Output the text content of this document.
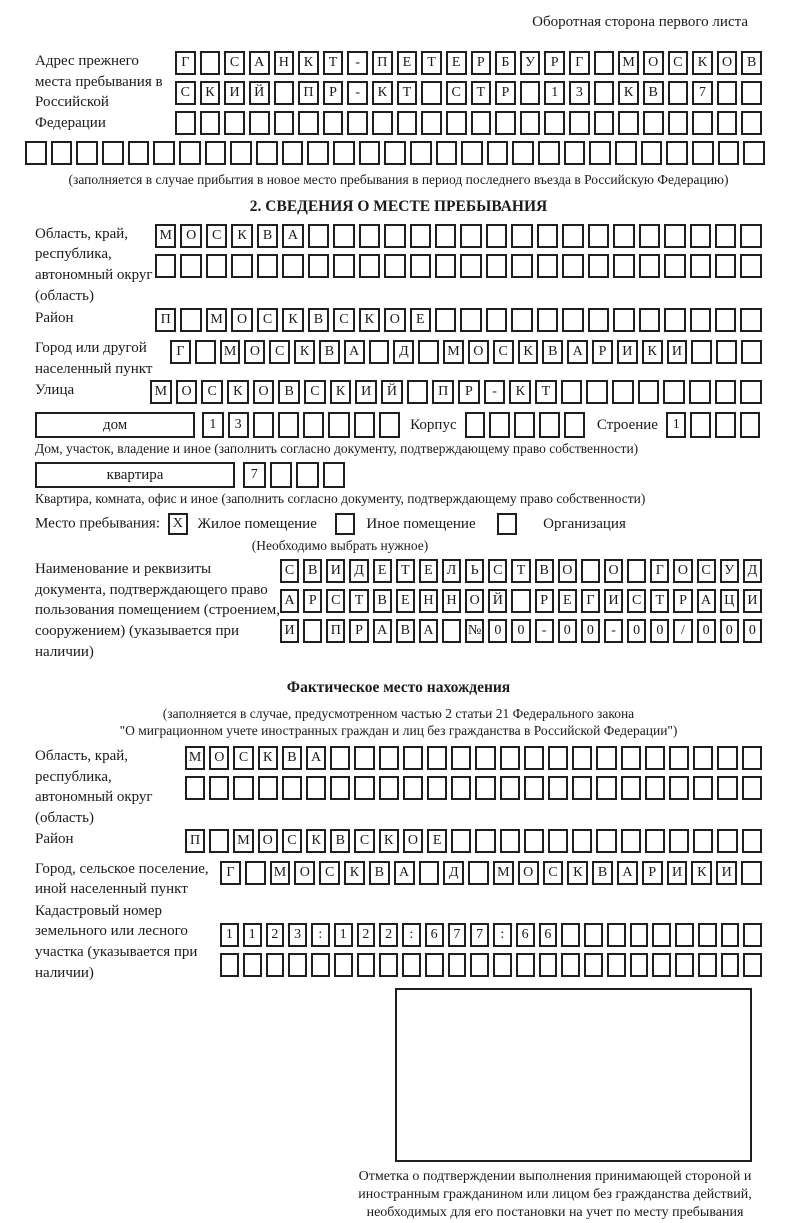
Оборотная сторона первого листа
Адрес прежнего места пребывания в Российской Федерации
Г	С	А	Н	К	Т	-	П	Е	Т	Е	Р	Б	У	Р	Г	М О	С	К	О	В
С	К	И	Й	П	Р	-	К	Т	С	Т	Р	1	3	К	В	7
(заполняется в случае прибытия в новое место пребывания в период последнего въезда в Российскую Федерацию)
2. СВЕДЕНИЯ О МЕСТЕ ПРЕБЫВАНИЯ
Область, край, республика, автономный округ (область)
М	О	С	К	В	А
Район	П	М	О	С	К	В	С	К	О	Е
Город или другой населенный пункт
Г	М О	С	К	В	А	Д	М О	С	К	В	А	Р	И	К	И
Улица	М	О	С	К	О	В	С	К	И	Й	П	Р	-	К	Т
дом	1	3	Корпус	Строение	1
Дом, участок, владение и иное (заполнить согласно документу, подтверждающему право собственности)
квартира	7
Квартира, комната, офис и иное (заполнить согласно документу, подтверждающему право собственности)
Место пребывания: X Жилое помещение	Иное помещение	Организация
(Необходимо выбрать нужное)
Наименование и реквизиты документа, подтверждающего право пользования помещением (строением, сооружением) (указывается при наличии)
С В И Д	Е	Т	Е	Л	Ь	С	Т	В О	О	Г	О С У Д
А	Р	С	Т	В	Е Н Н О Й	Р	Е	Г	И С	Т	Р	А Ц И
И	П	Р	А В А	№ 0	0	-	0	0	-	0	0	/	0	0	0
Фактическое место нахождения
(заполняется в случае, предусмотренном частью 2 статьи 21 Федерального закона
"О миграционном учете иностранных граждан и лиц без гражданства в Российской Федерации")
Область, край, республика, автономный округ (область)
М О	С	К	В	А
Район	П	М О	С	К	В	С	К	О	Е
Город, сельское поселение, иной населенный пункт
Г	М О	С	К	В	А	Д	М О	С	К	В	А	Р	И	К	И
Кадастровый номер земельного или лесного участка (указывается при наличии)
1	1	2	3	:	1	2	2	:	6	7	7	:	6	6
Отметка о подтверждении выполнения принимающей стороной и иностранным гражданином или лицом без гражданства действий, необходимых для его постановки на учет по месту пребывания
